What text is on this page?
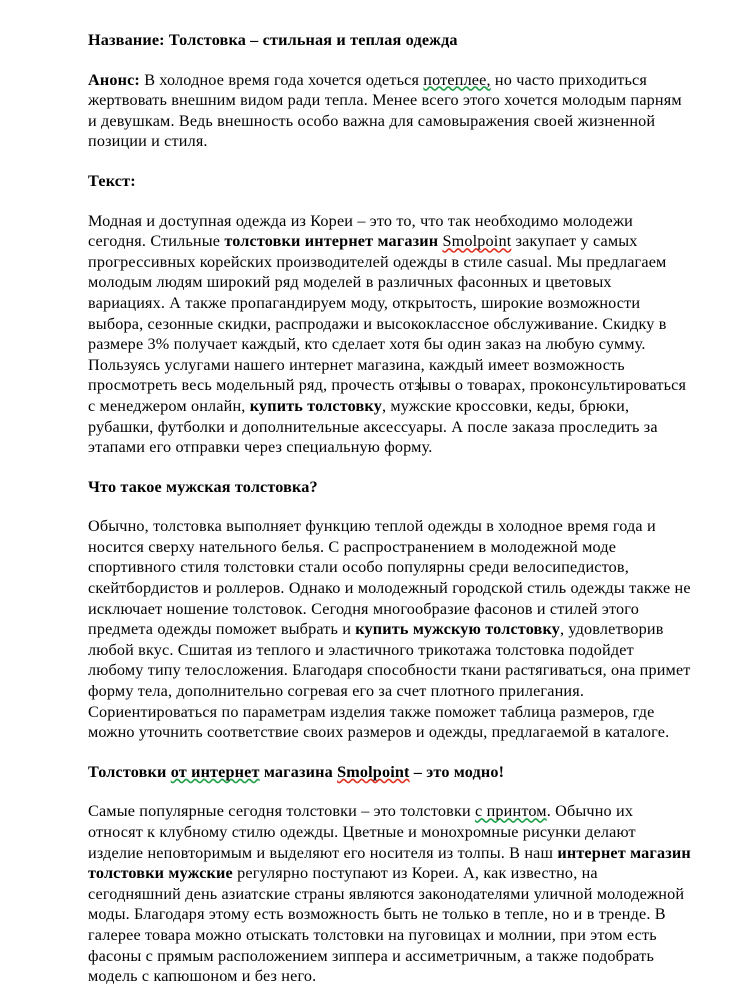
Название: Толстовка – стильная и теплая одежда

Анонс: В холодное время года хочется одеться потеплее, но часто приходиться жертвовать внешним видом ради тепла. Менее всего этого хочется молодым парням и девушкам. Ведь внешность особо важна для самовыражения своей жизненной позиции и стиля.

Текст:

Модная и доступная одежда из Кореи – это то, что так необходимо молодежи сегодня. Стильные толстовки интернет магазин Smolpoint закупает у самых прогрессивных корейских производителей одежды в стиле casual. Мы предлагаем молодым людям широкий ряд моделей в различных фасонных и цветовых вариациях. А также пропагандируем моду, открытость, широкие возможности выбора, сезонные скидки, распродажи и высококлассное обслуживание. Скидку в размере 3% получает каждый, кто сделает хотя бы один заказ на любую сумму. Пользуясь услугами нашего интернет магазина, каждый имеет возможность просмотреть весь модельный ряд, прочесть отзывы о товарах, проконсультироваться с менеджером онлайн, купить толстовку, мужские кроссовки, кеды, брюки, рубашки, футболки и дополнительные аксессуары. А после заказа проследить за этапами его отправки через специальную форму.

Что такое мужская толстовка?

Обычно, толстовка выполняет функцию теплой одежды в холодное время года и носится сверху нательного белья. С распространением в молодежной моде спортивного стиля толстовки стали особо популярны среди велосипедистов, скейтбордистов и роллеров. Однако и молодежный городской стиль одежды также не исключает ношение толстовок. Сегодня многообразие фасонов и стилей этого предмета одежды поможет выбрать и купить мужскую толстовку, удовлетворив любой вкус. Сшитая из теплого и эластичного трикотажа толстовка подойдет любому типу телосложения. Благодаря способности ткани растягиваться, она примет форму тела, дополнительно согревая его за счет плотного прилегания. Сориентироваться по параметрам изделия также поможет таблица размеров, где можно уточнить соответствие своих размеров и одежды, предлагаемой в каталоге.

Толстовки от интернет магазина Smolpoint – это модно!

Самые популярные сегодня толстовки – это толстовки с принтом. Обычно их относят к клубному стилю одежды. Цветные и монохромные рисунки делают изделие неповторимым и выделяют его носителя из толпы. В наш интернет магазин толстовки мужские регулярно поступают из Кореи. А, как известно, на сегодняшний день азиатские страны являются законодателями уличной молодежной моды. Благодаря этому есть возможность быть не только в тепле, но и в тренде. В галерее товара можно отыскать толстовки на пуговицах и молнии, при этом есть фасоны с прямым расположением зиппера и ассиметричным, а также подобрать модель с капюшоном и без него.
